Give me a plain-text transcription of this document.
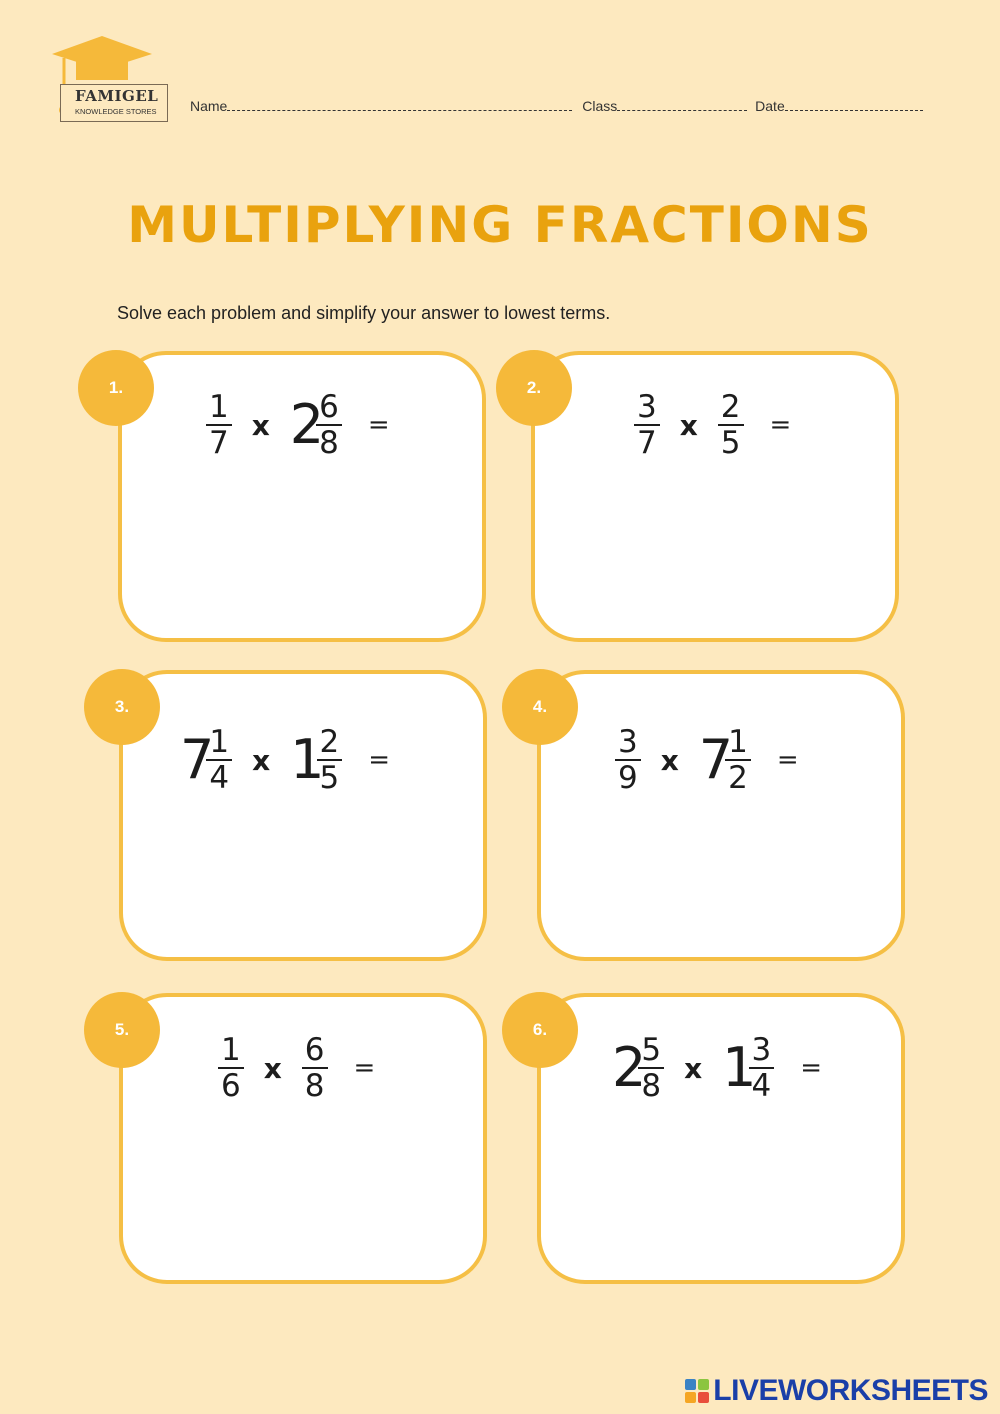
FAMIGEL
KNOWLEDGE STORES Name	Class	Date
MULTIPLYING FRACTIONS
Solve each problem and simplify your answer to lowest terms.
1.
$\frac{1}{7}$ x 2
$\frac{6}{8}$ =
2.
$\frac{3}{7}$ x $\frac{2}{5}$ =
3.
7
$\frac{1}{4}$ x 1
$\frac{2}{5}$ =
4.
$\frac{3}{9}$ x 7
$\frac{1}{2}$ =
5.
$\frac{1}{6}$ x $\frac{6}{8}$ =
6.
2
$\frac{5}{8}$ x 1
$\frac{3}{4}$ =
LIVEWORKSHEETS
